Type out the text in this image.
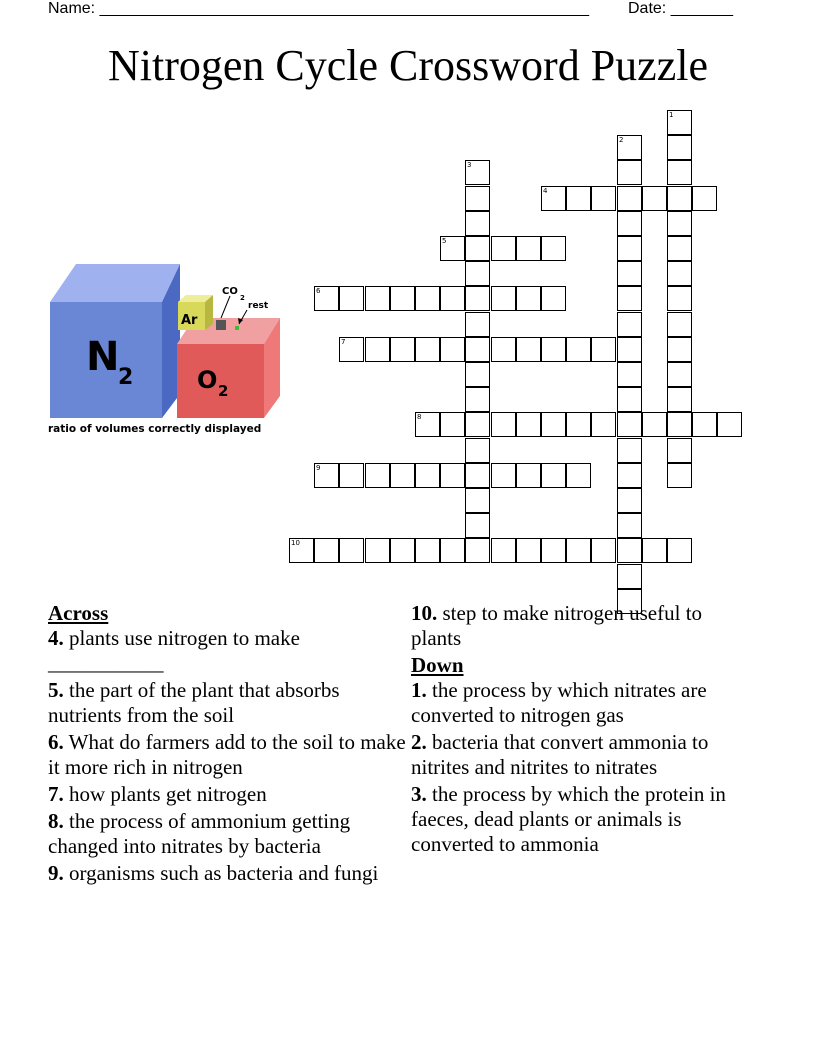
Name: _______________________________________________________ Date: _______
Nitrogen Cycle Crossword Puzzle
N
2	O 2
Ar
CO
2
rest
ratio of volumes correctly displayed
1
2
3
4
5
6
7
8
9
10
Across
4. plants use nitrogen to make ___________
5. the part of the plant that absorbs nutrients from the soil
6. What do farmers add to the soil to make it more rich in nitrogen
7. how plants get nitrogen
8. the process of ammonium getting changed into nitrates by bacteria
9. organisms such as bacteria and fungi
10. step to make nitrogen useful to plants
Down
1. the process by which nitrates are converted to nitrogen gas
2. bacteria that convert ammonia to nitrites and nitrites to nitrates
3. the process by which the protein in faeces, dead plants or animals is converted to ammonia
